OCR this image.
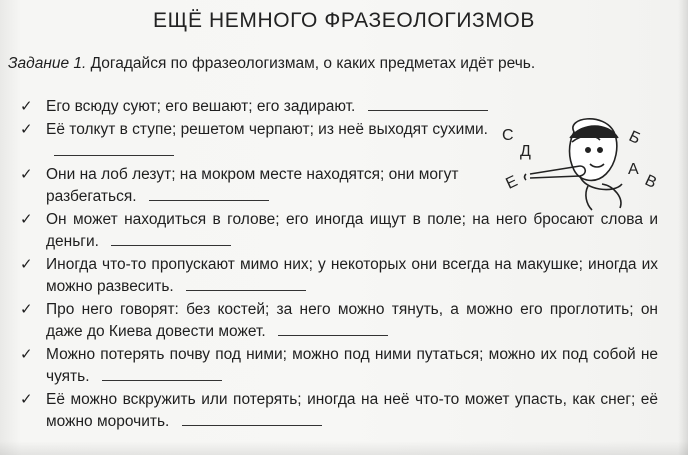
ЕЩЁ НЕМНОГО ФРАЗЕОЛОГИЗМОВ
Задание 1. Догадайся по фразеологизмам, о каких предметах идёт речь.
✓ Его всюду суют; его вешают; его задирают.
✓ Её толкут в ступе; решетом черпают; из неё выходят сухими.
✓ Они на лоб лезут; на мокром месте находятся; они могут разбегаться.
✓ Он может находиться в голове; его иногда ищут в поле; на него бросают слова и деньги.
✓ Иногда что-то пропускают мимо них; у некоторых они всегда на макушке; иногда их можно развесить.
✓ Про него говорят: без костей; за него можно тянуть, а можно его проглотить; он даже до Киева довести может.
✓ Можно потерять почву под ними; можно под ними путаться; можно их под собой не чуять.
✓ Её можно вскружить или потерять; иногда на неё что-то может упасть, как снег; её можно морочить.
С
Д
Б
А
В
Е
